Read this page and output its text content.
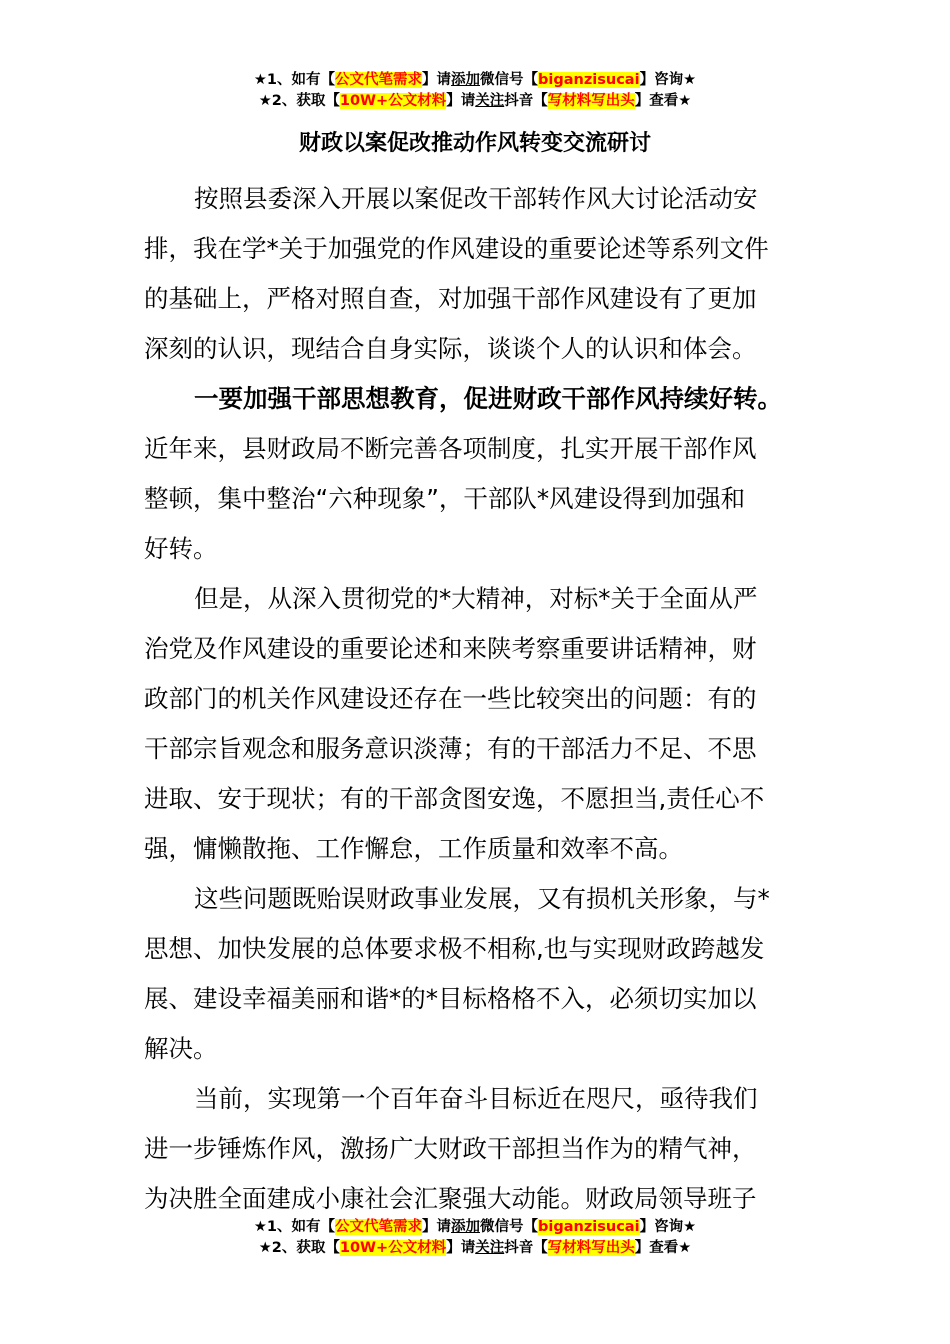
★1、如有【公文代笔需求】请添加微信号【biganzisucai】咨询★
★2、获取【10W+公文材料】请关注抖音【写材料写出头】查看★
财政以案促改推动作风转变交流研讨
按照县委深入开展以案促改干部转作风大讨论活动安
排，我在学*关于加强党的作风建设的重要论述等系列文件
的基础上，严格对照自查，对加强干部作风建设有了更加
深刻的认识，现结合自身实际，谈谈个人的认识和体会。
一要加强干部思想教育，促进财政干部作风持续好转。
近年来，县财政局不断完善各项制度，扎实开展干部作风
整顿，集中整治“六种现象”，干部队*风建设得到加强和
好转。
但是，从深入贯彻党的*大精神，对标*关于全面从严
治党及作风建设的重要论述和来陕考察重要讲话精神，财
政部门的机关作风建设还存在一些比较突出的问题：有的
干部宗旨观念和服务意识淡薄；有的干部活力不足、不思
进取、安于现状；有的干部贪图安逸，不愿担当,责任心不
强，慵懒散拖、工作懈怠，工作质量和效率不高。
这些问题既贻误财政事业发展，又有损机关形象，与*
思想、加快发展的总体要求极不相称,也与实现财政跨越发
展、建设幸福美丽和谐*的*目标格格不入，必须切实加以
解决。
当前，实现第一个百年奋斗目标近在咫尺，亟待我们
进一步锤炼作风，激扬广大财政干部担当作为的精气神，
为决胜全面建成小康社会汇聚强大动能。财政局领导班子
★1、如有【公文代笔需求】请添加微信号【biganzisucai】咨询★
★2、获取【10W+公文材料】请关注抖音【写材料写出头】查看★
